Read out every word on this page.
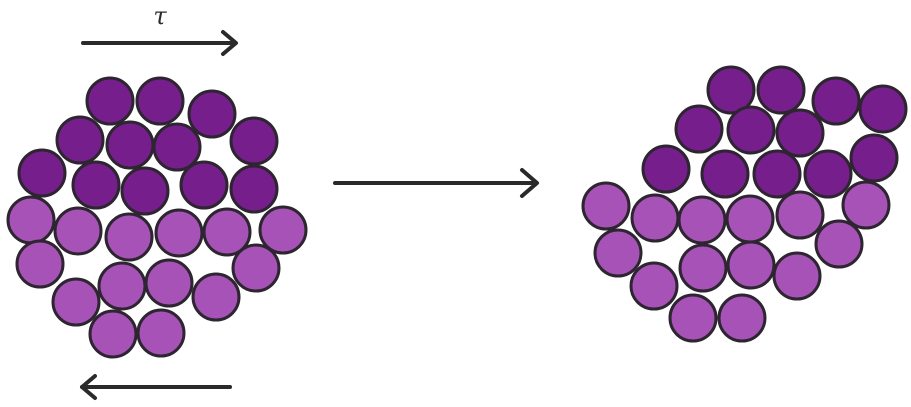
τ
